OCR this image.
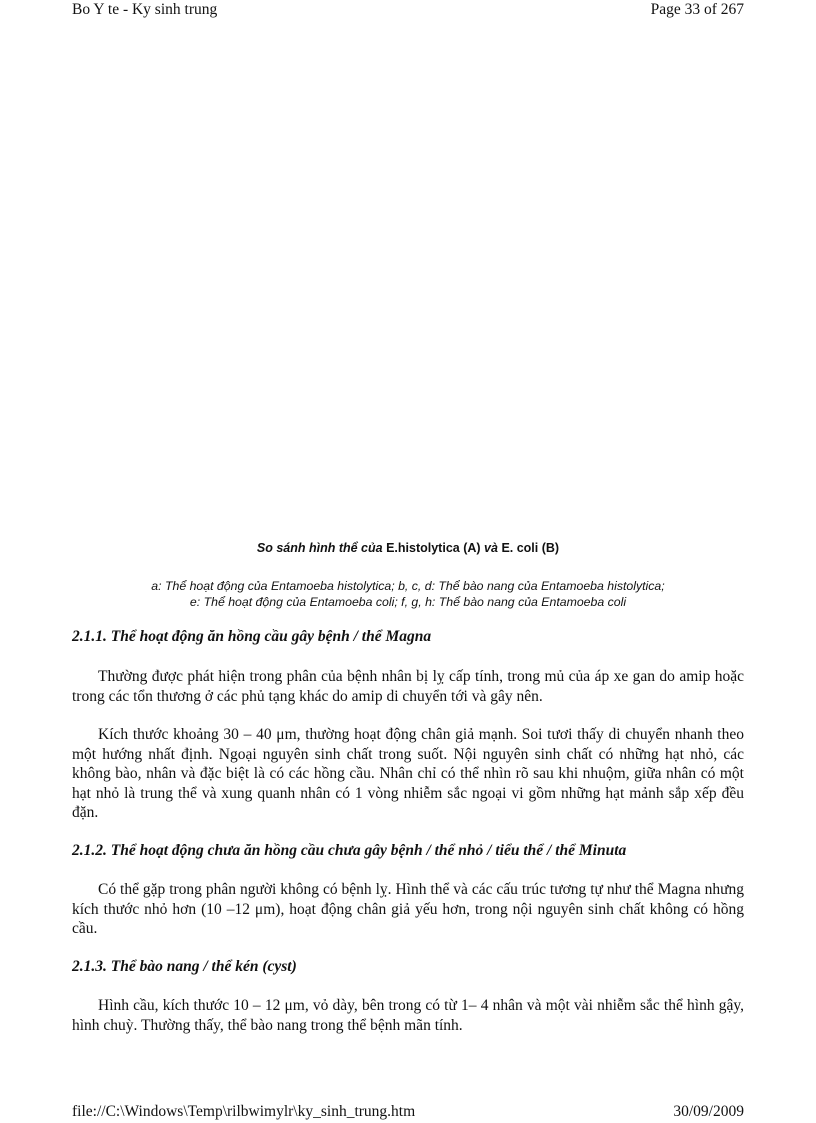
Bo Y te - Ky sinh trung	Page 33 of 267
So sánh hình thể của E.histolytica (A) và E. coli (B)
a: Thể hoạt động của Entamoeba histolytica; b, c, d: Thể bào nang của Entamoeba histolytica;
e: Thể hoạt động của Entamoeba coli; f, g, h: Thể bào nang của Entamoeba coli
2.1.1. Thể hoạt động ăn hồng cầu gây bệnh / thể Magna

Thường được phát hiện trong phân của bệnh nhân bị lỵ cấp tính, trong mủ của áp xe gan do amip hoặc trong các tổn thương ở các phủ tạng khác do amip di chuyển tới và gây nên.

Kích thước khoảng 30 – 40 μm, thường hoạt động chân giả mạnh. Soi tươi thấy di chuyển nhanh theo một hướng nhất định. Ngoại nguyên sinh chất trong suốt. Nội nguyên sinh chất có những hạt nhỏ, các không bào, nhân và đặc biệt là có các hồng cầu. Nhân chỉ có thể nhìn rõ sau khi nhuộm, giữa nhân có một hạt nhỏ là trung thể và xung quanh nhân có 1 vòng nhiễm sắc ngoại vi gồm những hạt mảnh sắp xếp đều đặn.

2.1.2. Thể hoạt động chưa ăn hồng cầu chưa gây bệnh / thể nhỏ / tiểu thể / thể Minuta

Có thể gặp trong phân người không có bệnh lỵ. Hình thể và các cấu trúc tương tự như thể Magna nhưng kích thước nhỏ hơn (10 –12 μm), hoạt động chân giả yếu hơn, trong nội nguyên sinh chất không có hồng cầu.

2.1.3. Thể bào nang / thể kén (cyst)

Hình cầu, kích thước 10 – 12 μm, vỏ dày, bên trong có từ 1– 4 nhân và một vài nhiễm sắc thể hình gậy, hình chuỳ. Thường thấy, thể bào nang trong thể bệnh mãn tính.

file://C:\Windows\Temp\rilbwimylr\ky_sinh_trung.htm	30/09/2009
